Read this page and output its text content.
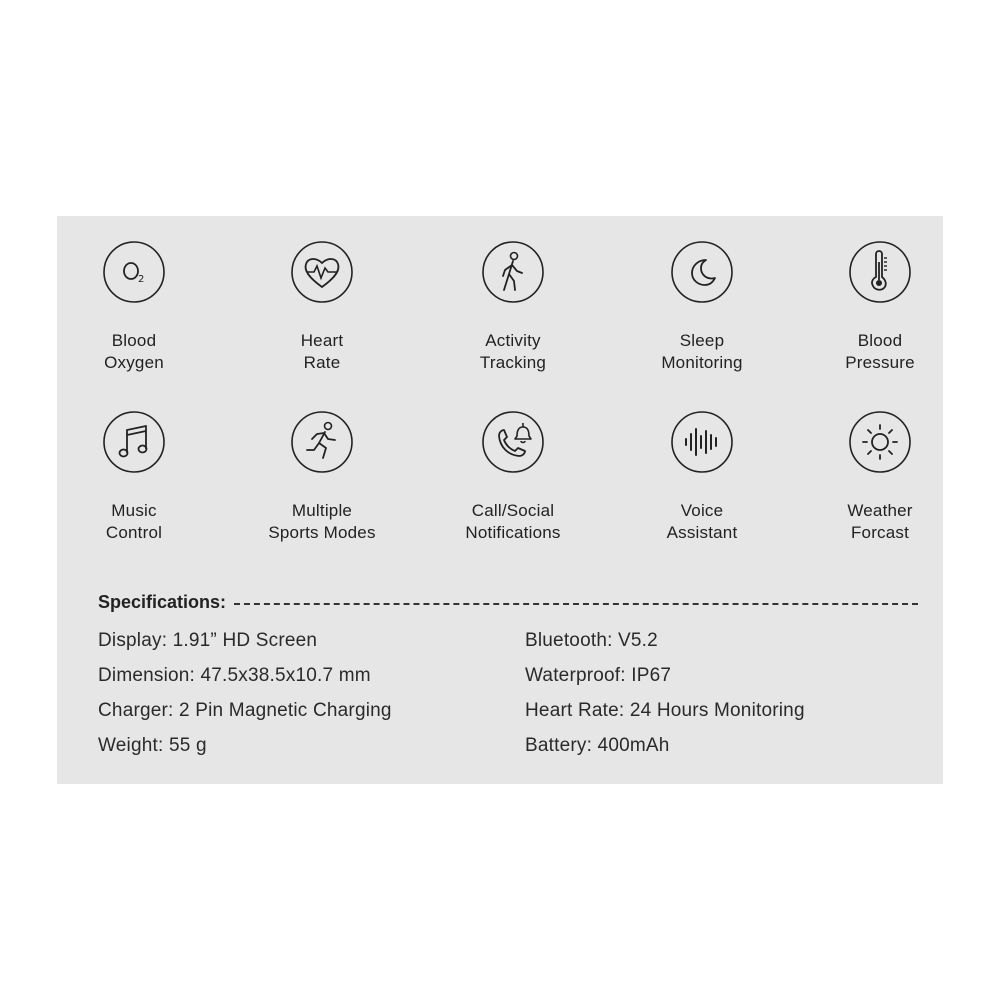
2
Blood
Oxygen
Heart
Rate
Activity
Tracking
Sleep
Monitoring
Blood
Pressure
Music
Control
Multiple
Sports Modes
Call/Social
Notifications
Voice
Assistant
Weather
Forcast
Specifications:
Display: 1.91” HD Screen
Dimension: 47.5x38.5x10.7 mm
Charger: 2 Pin Magnetic Charging
Weight: 55 g
Bluetooth: V5.2
Waterproof: IP67
Heart Rate: 24 Hours Monitoring
Battery: 400mAh
